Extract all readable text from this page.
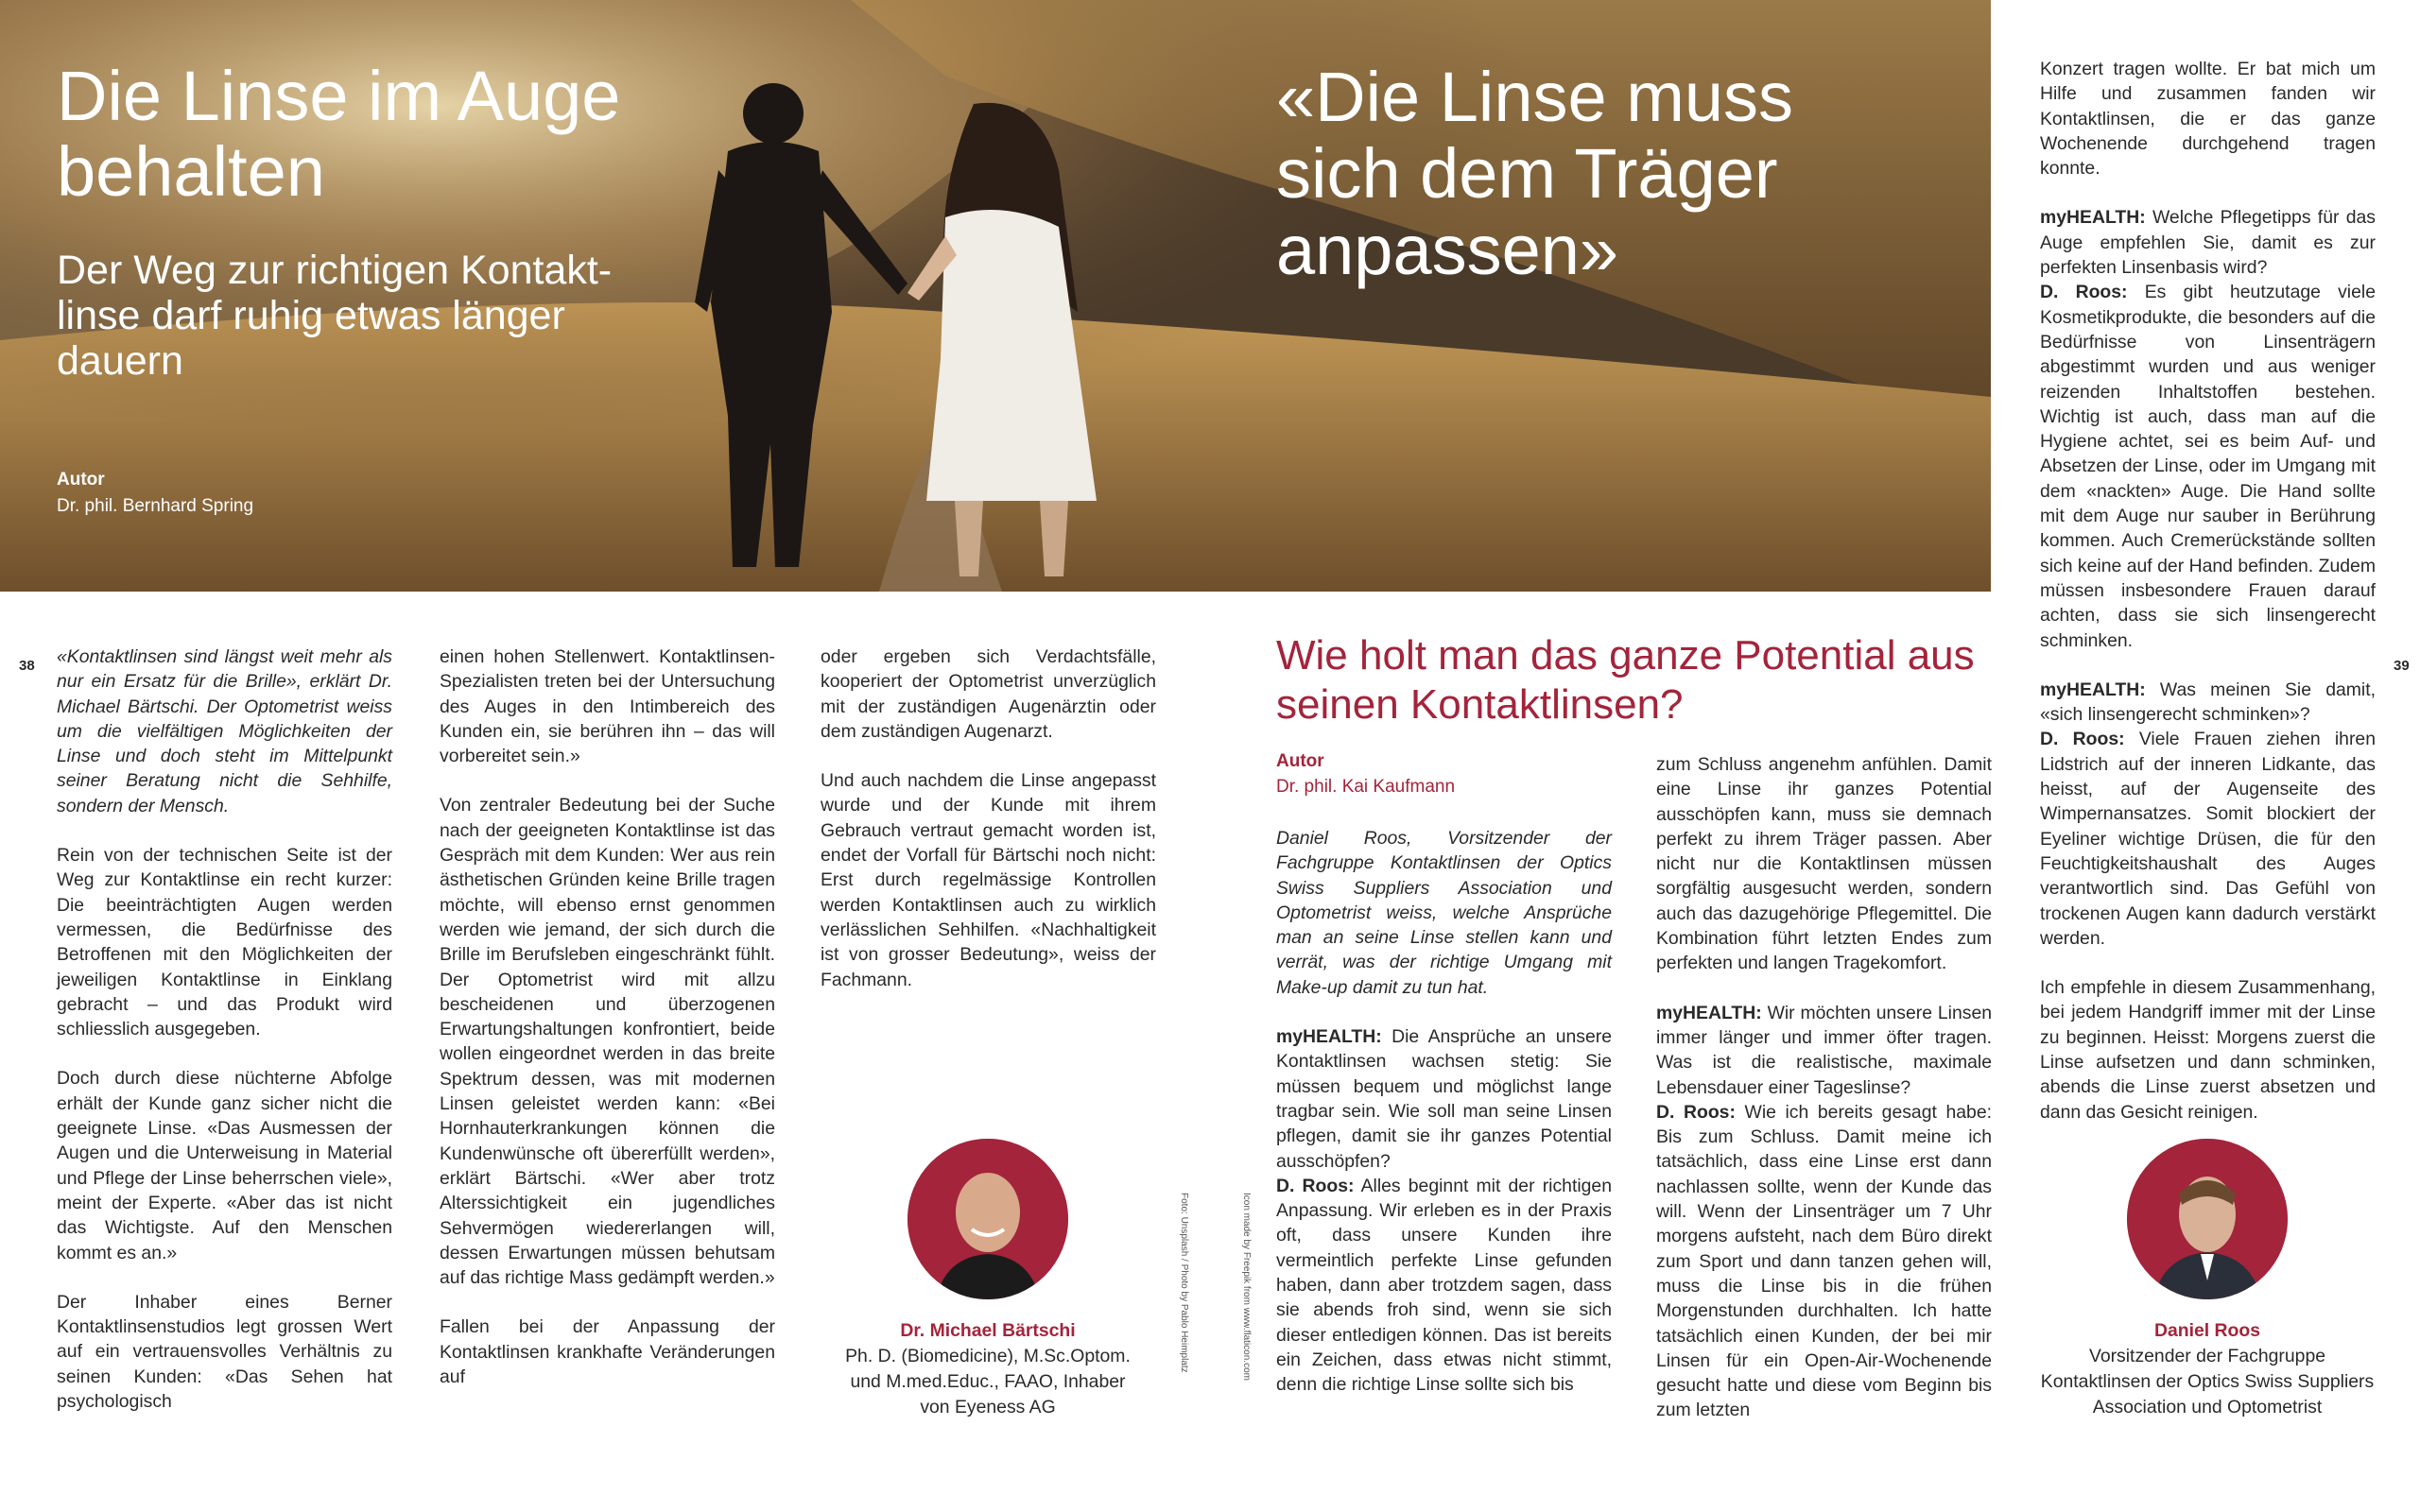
Die Linse im Auge behalten
Der Weg zur richtigen Kontaktlinse darf ruhig etwas länger dauern
Autor
Dr. phil. Bernhard Spring
«Die Linse muss sich dem Träger anpassen»
38	39

«Kontaktlinsen sind längst weit mehr als nur ein Ersatz für die Brille», erklärt Dr. Michael Bärtschi. Der Optometrist weiss um die vielfältigen Möglichkeiten der Linse und doch steht im Mittelpunkt seiner Beratung nicht die Sehhilfe, sondern der Mensch.

Rein von der technischen Seite ist der Weg zur Kontaktlinse ein recht kurzer: Die beeinträchtigten Augen werden vermessen, die Bedürfnisse des Betroffenen mit den Möglichkeiten der jeweiligen Kontaktlinse in Einklang gebracht – und das Produkt wird schliesslich ausgegeben.

Doch durch diese nüchterne Abfolge erhält der Kunde ganz sicher nicht die geeignete Linse. «Das Ausmessen der Augen und die Unterweisung in Material und Pflege der Linse beherrschen viele», meint der Experte. «Aber das ist nicht das Wichtigste. Auf den Menschen kommt es an.»

Der Inhaber eines Berner Kontaktlinsenstudios legt grossen Wert auf ein vertrauensvolles Verhältnis zu seinen Kunden: «Das Sehen hat psychologisch

einen hohen Stellenwert. Kontaktlinsen-Spezialisten treten bei der Untersuchung des Auges in den Intimbereich des Kunden ein, sie berühren ihn – das will vorbereitet sein.»

Von zentraler Bedeutung bei der Suche nach der geeigneten Kontaktlinse ist das Gespräch mit dem Kunden: Wer aus rein ästhetischen Gründen keine Brille tragen möchte, will ebenso ernst genommen werden wie jemand, der sich durch die Brille im Berufsleben eingeschränkt fühlt. Der Optometrist wird mit allzu bescheidenen und überzogenen Erwartungshaltungen konfrontiert, beide wollen eingeordnet werden in das breite Spektrum dessen, was mit modernen Linsen geleistet werden kann: «Bei Hornhauterkrankungen können die Kundenwünsche oft übererfüllt werden», erklärt Bärtschi. «Wer aber trotz Alterssichtigkeit ein jugendliches Sehvermögen wiedererlangen will, dessen Erwartungen müssen behutsam auf das richtige Mass gedämpft werden.»

Fallen bei der Anpassung der Kontaktlinsen krankhafte Veränderungen auf

oder ergeben sich Verdachtsfälle, kooperiert der Optometrist unverzüglich mit der zuständigen Augenärztin oder dem zuständigen Augenarzt.

Und auch nachdem die Linse angepasst wurde und der Kunde mit ihrem Gebrauch vertraut gemacht worden ist, endet der Vorfall für Bärtschi noch nicht: Erst durch regelmässige Kontrollen werden Kontaktlinsen auch zu wirklich verlässlichen Sehhilfen. «Nachhaltigkeit ist von grosser Bedeutung», weiss der Fachmann.

Dr. Michael Bärtschi
Ph. D. (Biomedicine), M.Sc.Optom. und M.med.Educ., FAAO, Inhaber von Eyeness AG
Foto: Unsplash / Photo by Pablo Heimplatz	Icon made by Freepik from www.flaticon.com
Wie holt man das ganze Potential aus seinen Kontaktlinsen?
Autor
Dr. phil. Kai Kaufmann

Daniel Roos, Vorsitzender der Fachgruppe Kontaktlinsen der Optics Swiss Suppliers Association und Optometrist weiss, welche Ansprüche man an seine Linse stellen kann und verrät, was der richtige Umgang mit Make-up damit zu tun hat.

myHEALTH: Die Ansprüche an unsere Kontaktlinsen wachsen stetig: Sie müssen bequem und möglichst lange tragbar sein. Wie soll man seine Linsen pflegen, damit sie ihr ganzes Potential ausschöpfen?
D. Roos: Alles beginnt mit der richtigen Anpassung. Wir erleben es in der Praxis oft, dass unsere Kunden ihre vermeintlich perfekte Linse gefunden haben, dann aber trotzdem sagen, dass sie abends froh sind, wenn sie sich dieser entledigen können. Das ist bereits ein Zeichen, dass etwas nicht stimmt, denn die richtige Linse sollte sich bis

zum Schluss angenehm anfühlen. Damit eine Linse ihr ganzes Potential ausschöpfen kann, muss sie demnach perfekt zu ihrem Träger passen. Aber nicht nur die Kontaktlinsen müssen sorgfältig ausgesucht werden, sondern auch das dazugehörige Pflegemittel. Die Kombination führt letzten Endes zum perfekten und langen Tragekomfort.

myHEALTH: Wir möchten unsere Linsen immer länger und immer öfter tragen. Was ist die realistische, maximale Lebensdauer einer Tageslinse?
D. Roos: Wie ich bereits gesagt habe: Bis zum Schluss. Damit meine ich tatsächlich, dass eine Linse erst dann nachlassen sollte, wenn der Kunde das will. Wenn der Linsenträger um 7 Uhr morgens aufsteht, nach dem Büro direkt zum Sport und dann tanzen gehen will, muss die Linse bis in die frühen Morgenstunden durchhalten. Ich hatte tatsächlich einen Kunden, der bei mir Linsen für ein Open-Air-Wochenende gesucht hatte und diese vom Beginn bis zum letzten

Konzert tragen wollte. Er bat mich um Hilfe und zusammen fanden wir Kontaktlinsen, die er das ganze Wochenende durchgehend tragen konnte.

myHEALTH: Welche Pflegetipps für das Auge empfehlen Sie, damit es zur perfekten Linsenbasis wird?

D. Roos: Es gibt heutzutage viele Kosmetikprodukte, die besonders auf die Bedürfnisse von Linsenträgern abgestimmt wurden und aus weniger reizenden Inhaltstoffen bestehen. Wichtig ist auch, dass man auf die Hygiene achtet, sei es beim Auf- und Absetzen der Linse, oder im Umgang mit dem «nackten» Auge. Die Hand sollte mit dem Auge nur sauber in Berührung kommen. Auch Cremerückstände sollten sich keine auf der Hand befinden. Zudem müssen insbesondere Frauen darauf achten, dass sie sich linsengerecht schminken.

myHEALTH: Was meinen Sie damit, «sich linsengerecht schminken»?

D. Roos: Viele Frauen ziehen ihren Lidstrich auf der inneren Lidkante, das heisst, auf der Augenseite des Wimpernansatzes. Somit blockiert der Eyeliner wichtige Drüsen, die für den Feuchtigkeitshaushalt des Auges verantwortlich sind. Das Gefühl von trockenen Augen kann dadurch verstärkt werden.

Ich empfehle in diesem Zusammenhang, bei jedem Handgriff immer mit der Linse zu beginnen. Heisst: Morgens zuerst die Linse aufsetzen und dann schminken, abends die Linse zuerst absetzen und dann das Gesicht reinigen.

Daniel Roos
Vorsitzender der Fachgruppe Kontaktlinsen der Optics Swiss Suppliers Association und Optometrist
